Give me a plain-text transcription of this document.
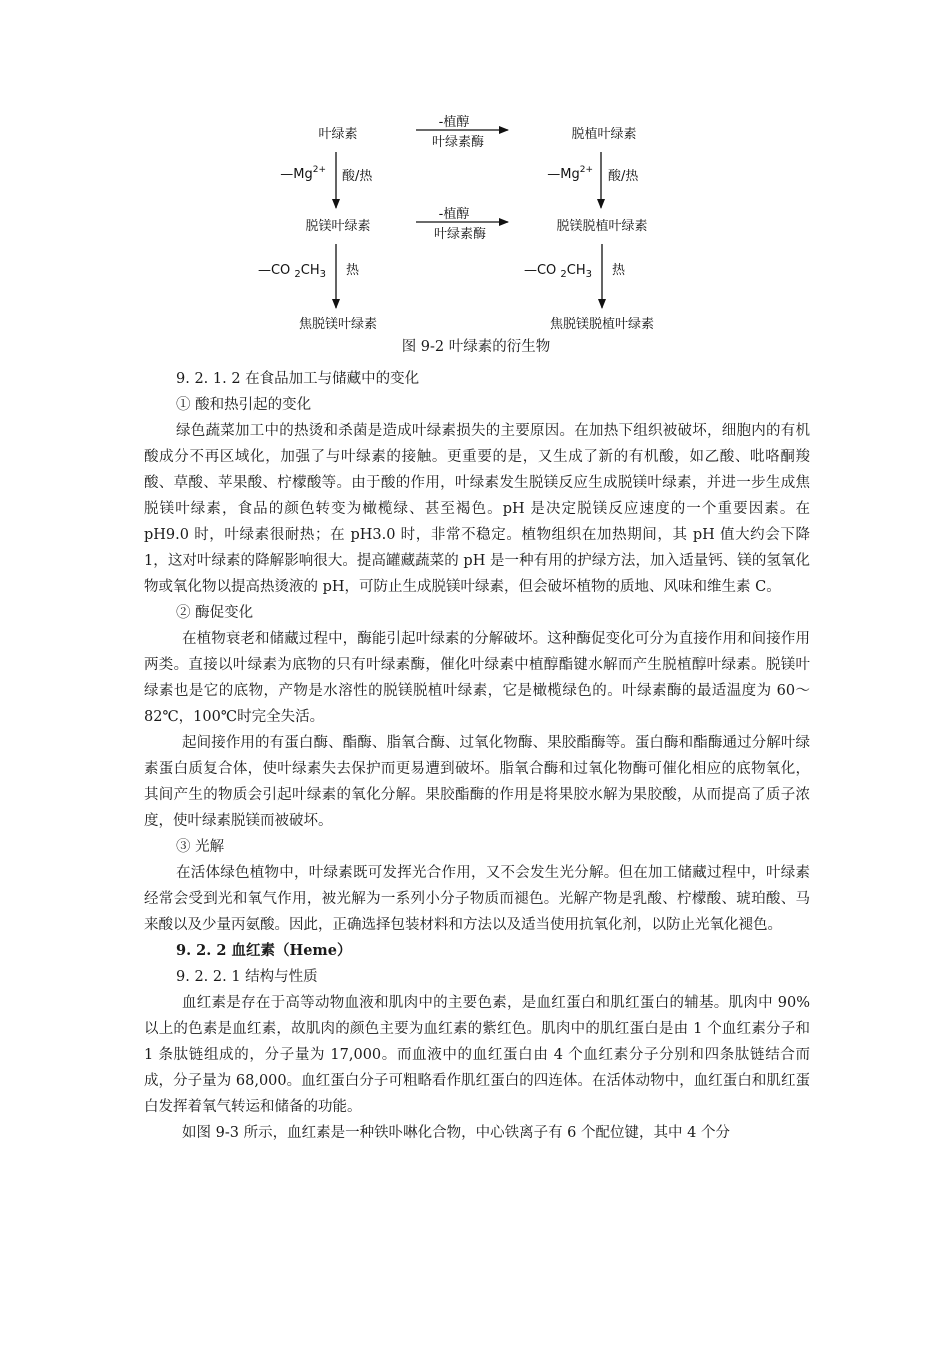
叶绿素	脱植叶绿素
-植醇
叶绿素酶
$—Mg^{2+}$ 酸/热	$—Mg^{2+}$ 酸/热
脱镁叶绿素	脱镁脱植叶绿素
-植醇
叶绿素酶
—CO $_2CH_3$ 热	—CO $_2CH_3$ 热
焦脱镁叶绿素	焦脱镁脱植叶绿素
图 9-2 叶绿素的衍生物

9. 2. 1. 2 在食品加工与储藏中的变化

① 酸和热引起的变化

绿色蔬菜加工中的热烫和杀菌是造成叶绿素损失的主要原因。在加热下组织被破坏，细胞内的有机酸成分不再区域化，加强了与叶绿素的接触。更重要的是，又生成了新的有机酸，如乙酸、吡咯酮羧酸、草酸、苹果酸、柠檬酸等。由于酸的作用，叶绿素发生脱镁反应生成脱镁叶绿素，并进一步生成焦脱镁叶绿素，食品的颜色转变为橄榄绿、甚至褐色。pH 是决定脱镁反应速度的一个重要因素。在 pH9.0 时，叶绿素很耐热；在 pH3.0 时，非常不稳定。植物组织在加热期间，其 pH 值大约会下降 1，这对叶绿素的降解影响很大。提高罐藏蔬菜的 pH 是一种有用的护绿方法，加入适量钙、镁的氢氧化物或氧化物以提高热烫液的 pH，可防止生成脱镁叶绿素，但会破坏植物的质地、风味和维生素 C。

② 酶促变化

在植物衰老和储藏过程中，酶能引起叶绿素的分解破坏。这种酶促变化可分为直接作用和间接作用两类。直接以叶绿素为底物的只有叶绿素酶，催化叶绿素中植醇酯键水解而产生脱植醇叶绿素。脱镁叶绿素也是它的底物，产物是水溶性的脱镁脱植叶绿素，它是橄榄绿色的。叶绿素酶的最适温度为 60～82℃，100℃时完全失活。

起间接作用的有蛋白酶、酯酶、脂氧合酶、过氧化物酶、果胶酯酶等。蛋白酶和酯酶通过分解叶绿素蛋白质复合体，使叶绿素失去保护而更易遭到破坏。脂氧合酶和过氧化物酶可催化相应的底物氧化，其间产生的物质会引起叶绿素的氧化分解。果胶酯酶的作用是将果胶水解为果胶酸，从而提高了质子浓度，使叶绿素脱镁而被破坏。

③ 光解

在活体绿色植物中，叶绿素既可发挥光合作用，又不会发生光分解。但在加工储藏过程中，叶绿素经常会受到光和氧气作用，被光解为一系列小分子物质而褪色。光解产物是乳酸、柠檬酸、琥珀酸、马来酸以及少量丙氨酸。因此，正确选择包装材料和方法以及适当使用抗氧化剂，以防止光氧化褪色。

9. 2. 2 血红素（Heme）

9. 2. 2. 1 结构与性质

血红素是存在于高等动物血液和肌肉中的主要色素，是血红蛋白和肌红蛋白的辅基。肌肉中 90%以上的色素是血红素，故肌肉的颜色主要为血红素的紫红色。肌肉中的肌红蛋白是由 1 个血红素分子和 1 条肽链组成的，分子量为 17,000。而血液中的血红蛋白由 4 个血红素分子分别和四条肽链结合而成，分子量为 68,000。血红蛋白分子可粗略看作肌红蛋白的四连体。在活体动物中，血红蛋白和肌红蛋白发挥着氧气转运和储备的功能。

如图 9-3 所示，血红素是一种铁卟啉化合物，中心铁离子有 6 个配位键，其中 4 个分
